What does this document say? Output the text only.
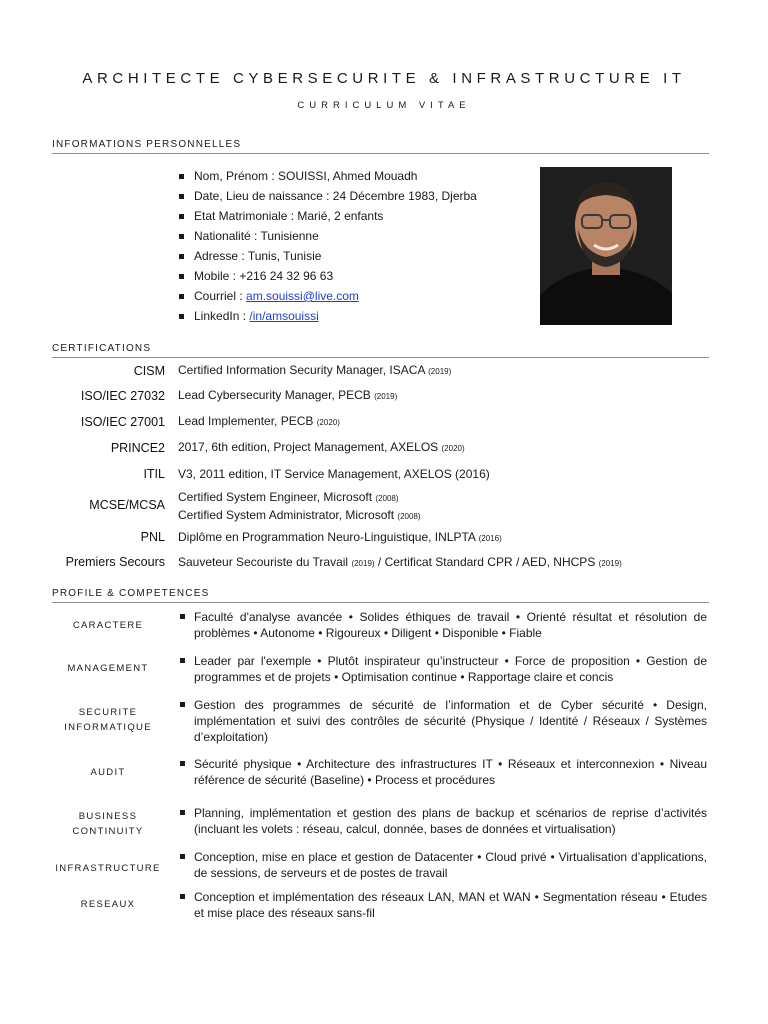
ARCHITECTE CYBERSECURITE & INFRASTRUCTURE IT
CURRICULUM VITAE
INFORMATIONS PERSONNELLES
Nom, Prénom : SOUISSI, Ahmed Mouadh
Date, Lieu de naissance : 24 Décembre 1983, Djerba
Etat Matrimoniale : Marié, 2 enfants
Nationalité : Tunisienne
Adresse : Tunis, Tunisie
Mobile : +216 24 32 96 63
Courriel : am.souissi@live.com
LinkedIn : /in/amsouissi
CERTIFICATIONS
CISM Certified Information Security Manager, ISACA (2019)
ISO/IEC 27032 Lead Cybersecurity Manager, PECB (2019)
ISO/IEC 27001 Lead Implementer, PECB (2020)
PRINCE2 2017, 6th edition, Project Management, AXELOS (2020)
ITIL V3, 2011 edition, IT Service Management, AXELOS (2016)
MCSE/MCSA
Certified System Engineer, Microsoft (2008)
Certified System Administrator, Microsoft (2008)
PNL Diplôme en Programmation Neuro-Linguistique, INLPTA (2016)
Premiers Secours Sauveteur Secouriste du Travail (2019) / Certificat Standard CPR / AED, NHCPS (2019)
PROFILE & COMPETENCES
CARACTERE
Faculté d'analyse avancée • Solides éthiques de travail • Orienté résultat et résolution de problèmes • Autonome • Rigoureux • Diligent • Disponible • Fiable
MANAGEMENT
Leader par l'exemple • Plutôt inspirateur qu’instructeur • Force de proposition • Gestion de programmes et de projets • Optimisation continue • Rapportage claire et concis
SECURITE INFORMATIQUE
Gestion des programmes de sécurité de l’information et de Cyber sécurité • Design, implémentation et suivi des contrôles de sécurité (Physique / Identité / Réseaux / Systèmes d’exploitation)
AUDIT
Sécurité physique • Architecture des infrastructures IT • Réseaux et interconnexion • Niveau référence de sécurité (Baseline) • Process et procédures
BUSINESS CONTINUITY
Planning, implémentation et gestion des plans de backup et scénarios de reprise d’activités (incluant les volets : réseau, calcul, donnée, bases de données et virtualisation)
INFRASTRUCTURE
Conception, mise en place et gestion de Datacenter • Cloud privé • Virtualisation d’applications, de sessions, de serveurs et de postes de travail
RESEAUX
Conception et implémentation des réseaux LAN, MAN et WAN • Segmentation réseau • Etudes et mise place des réseaux sans-fil
